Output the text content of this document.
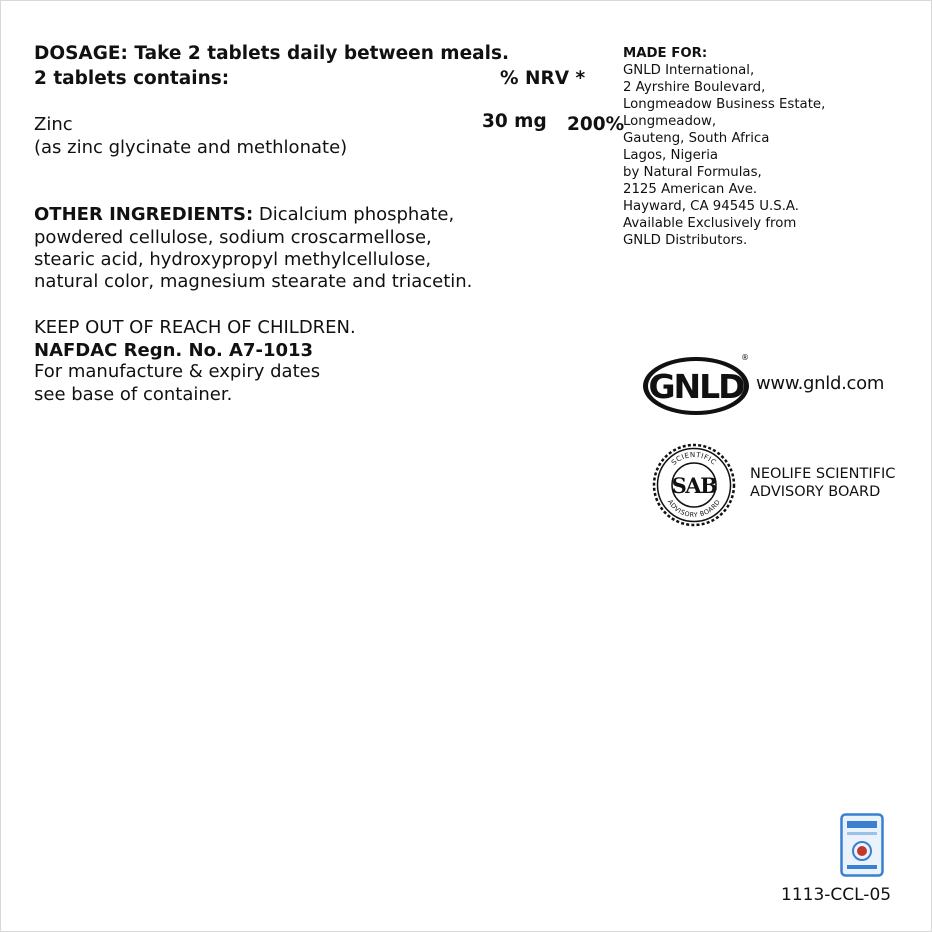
DOSAGE: Take 2 tablets daily between meals.
2 tablets contains:	% NRV *
Zinc
(as zinc glycinate and methlonate)
30 mg 200%
OTHER INGREDIENTS: Dicalcium phosphate,
powdered cellulose, sodium croscarmellose,
stearic acid, hydroxypropyl methylcellulose,
natural color, magnesium stearate and triacetin.
KEEP OUT OF REACH OF CHILDREN.
NAFDAC Regn. No. A7-1013
For manufacture & expiry dates
see base of container.
MADE FOR:
GNLD International,
2 Ayrshire Boulevard,
Longmeadow Business Estate,
Longmeadow,
Gauteng, South Africa
Lagos, Nigeria
by Natural Formulas,
2125 American Ave.
Hayward, CA 94545 U.S.A.
Available Exclusively from
GNLD Distributors.
GNLD
®
www.gnld.com
SCIENTIFIC
ADVISORY BOARD
SAB NEOLIFE SCIENTIFIC
ADVISORY BOARD
1113-CCL-05
